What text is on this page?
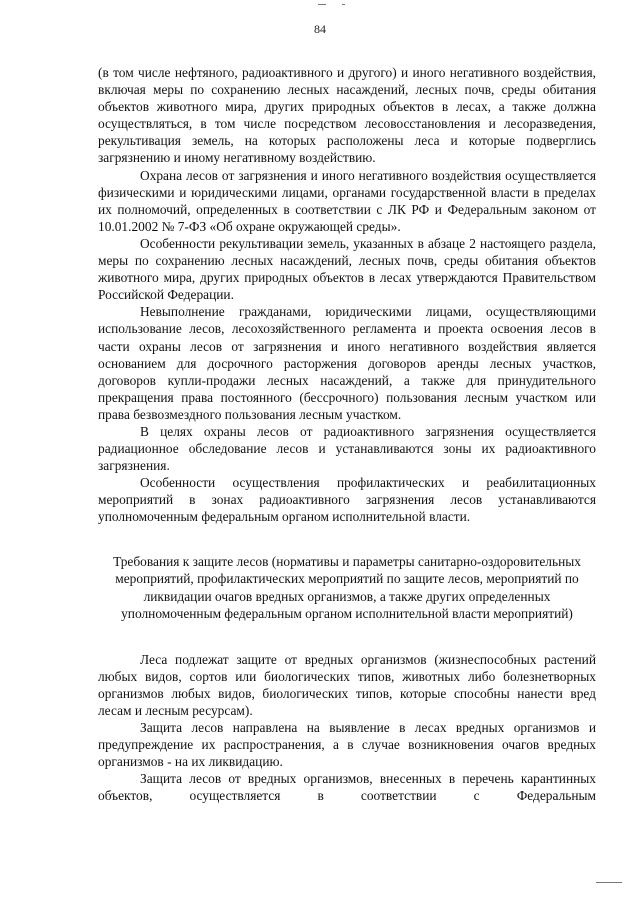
84

(в том числе нефтяного, радиоактивного и другого) и иного негативного воздействия, включая меры по сохранению лесных насаждений, лесных почв, среды обитания объектов животного мира, других природных объектов в лесах, а также должна осуществляться, в том числе посредством лесовосстановления и лесоразведения, рекультивация земель, на которых расположены леса и которые подверглись загрязнению и иному негативному воздействию.

Охрана лесов от загрязнения и иного негативного воздействия осуществляется физическими и юридическими лицами, органами государственной власти в пределах их полномочий, определенных в соответствии с ЛК РФ и Федеральным законом от 10.01.2002 № 7-ФЗ «Об охране окружающей среды».

Особенности рекультивации земель, указанных в абзаце 2 настоящего раздела, меры по сохранению лесных насаждений, лесных почв, среды обитания объектов животного мира, других природных объектов в лесах утверждаются Правительством Российской Федерации.

Невыполнение гражданами, юридическими лицами, осуществляющими использование лесов, лесохозяйственного регламента и проекта освоения лесов в части охраны лесов от загрязнения и иного негативного воздействия является основанием для досрочного расторжения договоров аренды лесных участков, договоров купли-продажи лесных насаждений, а также для принудительного прекращения права постоянного (бессрочного) пользования лесным участком или права безвозмездного пользования лесным участком.

В целях охраны лесов от радиоактивного загрязнения осуществляется радиационное обследование лесов и устанавливаются зоны их радиоактивного загрязнения.

Особенности осуществления профилактических и реабилитационных мероприятий в зонах радиоактивного загрязнения лесов устанавливаются уполномоченным федеральным органом исполнительной власти.

Требования к защите лесов (нормативы и параметры санитарно-оздоровительных мероприятий, профилактических мероприятий по защите лесов, мероприятий по ликвидации очагов вредных организмов, а также других определенных уполномоченным федеральным органом исполнительной власти мероприятий)

Леса подлежат защите от вредных организмов (жизнеспособных растений любых видов, сортов или биологических типов, животных либо болезнетворных организмов любых видов, биологических типов, которые способны нанести вред лесам и лесным ресурсам).

Защита лесов направлена на выявление в лесах вредных организмов и предупреждение их распространения, а в случае возникновения очагов вредных организмов - на их ликвидацию.

Защита лесов от вредных организмов, внесенных в перечень карантинных объектов, осуществляется в соответствии с Федеральным
